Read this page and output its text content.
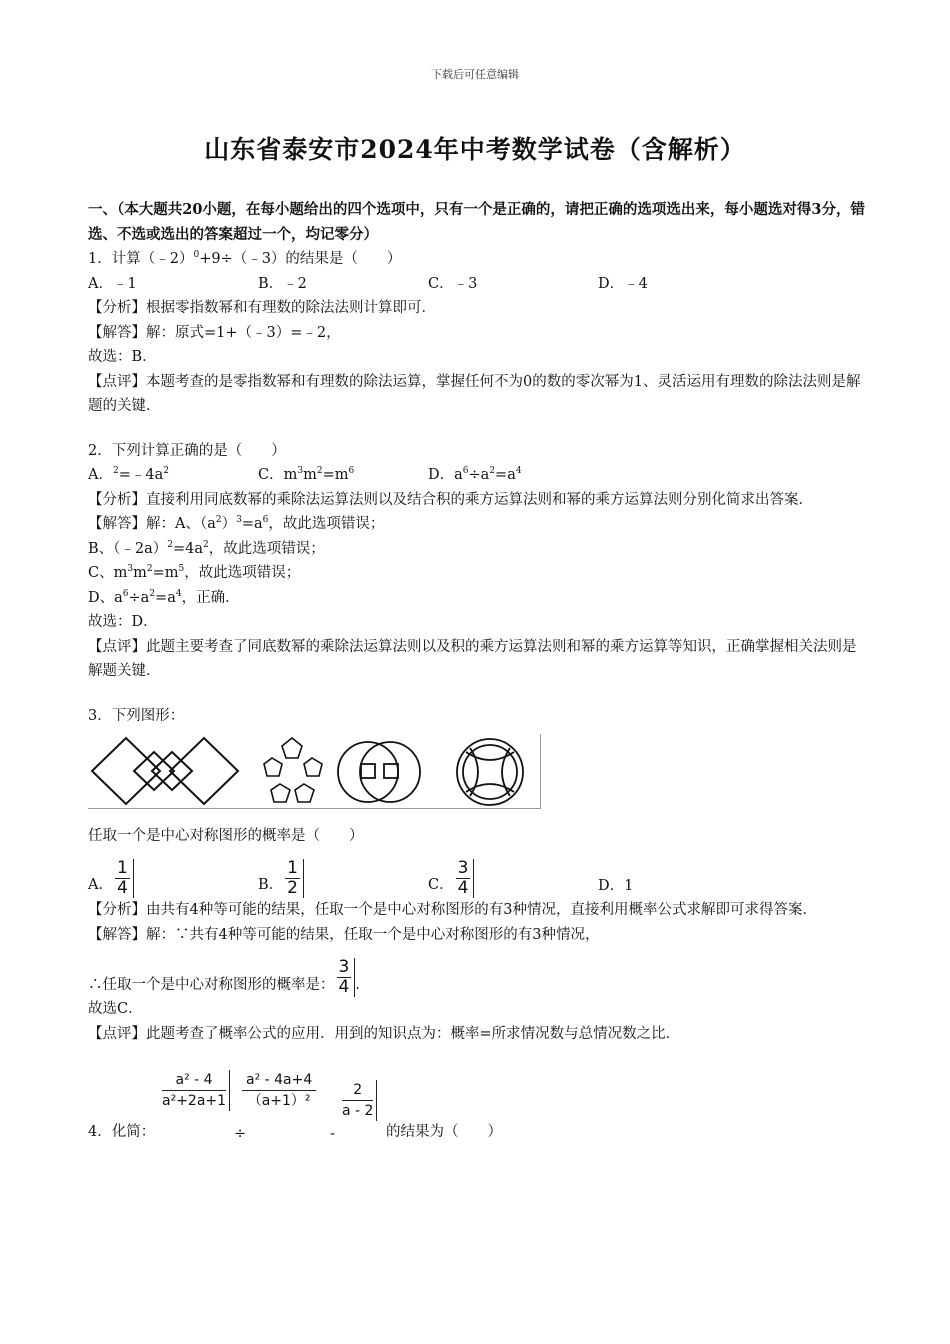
下载后可任意编辑
山东省泰安市2024年中考数学试卷（含解析）
一、（本大题共20小题，在每小题给出的四个选项中，只有一个是正确的，请把正确的选项选出来，每小题选对得3分，错选、不选或选出的答案超过一个，均记零分）
1．计算（﹣2）$^0$+9÷（﹣3）的结果是（　　）
A．﹣1	B．﹣2	C．﹣3	D．﹣4
【分析】根据零指数幂和有理数的除法法则计算即可．
【解答】解：原式=1+（﹣3）=﹣2，
故选：B．
【点评】本题考查的是零指数幂和有理数的除法运算，掌握任何不为0的数的零次幂为1、灵活运用有理数的除法法则是解题的关键．
2．下列计算正确的是（　　）
A．$^2=﹣4a^2$	C．$m^3m^2=m^6$	D．$a^6\div a^2=a^4$
【分析】直接利用同底数幂的乘除法运算法则以及结合积的乘方运算法则和幂的乘方运算法则分别化简求出答案．
【解答】解：A、$(a^2)^3=a^6$，故此选项错误；
B、$(﹣2a)^2=4a^2$，故此选项错误；
C、$m^3m^2=m^5$，故此选项错误；
D、$a^6\div a^2=a^4$，正确．
故选：D．
【点评】此题主要考查了同底数幂的乘除法运算法则以及积的乘方运算法则和幂的乘方运算等知识，正确掌握相关法则是解题关键．
3．下列图形：
任取一个是中心对称图形的概率是（　　）
A． $\frac{1}{4}$	B． $\frac{1}{2}$	C． $\frac{3}{4}$	D．1
【分析】由共有4种等可能的结果，任取一个是中心对称图形的有3种情况，直接利用概率公式求解即可求得答案．
【解答】解：∵共有4种等可能的结果，任取一个是中心对称图形的有3种情况，
∴任取一个是中心对称图形的概率是： $\frac{3}{4}$ ．
故选C．
【点评】此题考查了概率公式的应用．用到的知识点为：概率=所求情况数与总情况数之比．
4．化简：
a² - 4
a²+2a+1
÷
a² - 4a+4
（a+1）²
-
2
a - 2
的结果为（　　）
